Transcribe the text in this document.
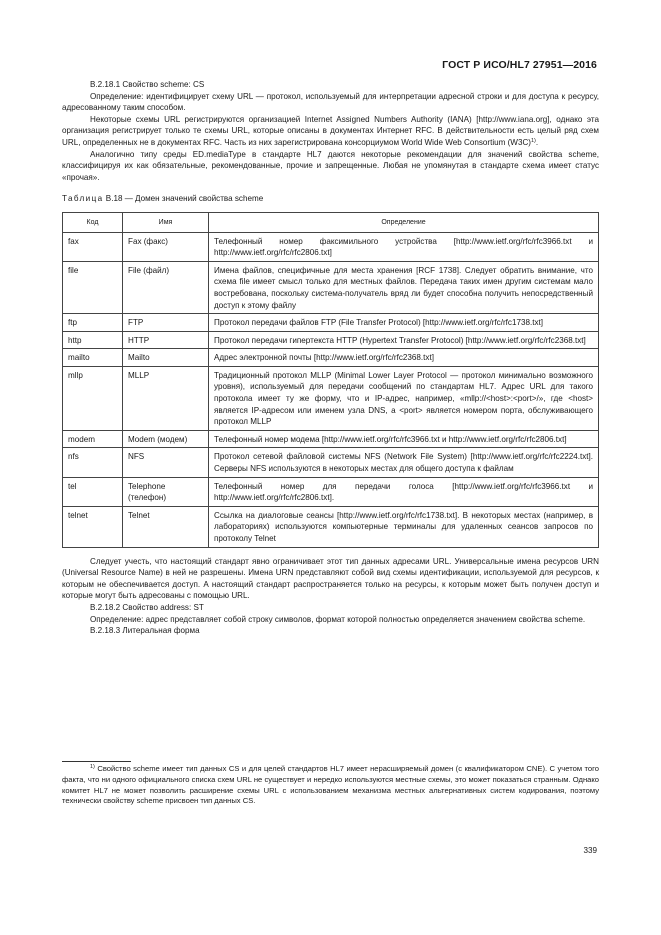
ГОСТ Р ИСО/HL7 27951—2016

B.2.18.1 Свойство scheme: CS

Определение: идентифицирует схему URL — протокол, используемый для интерпретации адресной строки и для доступа к ресурсу, адресованному таким способом.

Некоторые схемы URL регистрируются организацией Internet Assigned Numbers Authority (IANA) [http://www.iana.org], однако эта организация регистрирует только те схемы URL, которые описаны в документах Интернет RFC. В действительности есть целый ряд схем URL, определенных не в документах RFC. Часть из них зарегистрирована консорциумом World Wide Web Consortium $(W3C)^{1)}$.

Аналогично типу среды ED.mediaType в стандарте HL7 даются некоторые рекомендации для значений свойства scheme, классифицируя их как обязательные, рекомендованные, прочие и запрещенные. Любая не упомянутая в стандарте схема имеет статус «прочая».

Таблица B.18 — Домен значений свойства scheme

Код	Имя	Определение
fax	Fax (факс)	Телефонный номер факсимильного устройства [http://www.ietf.org/rfc/rfc3966.txt и http://www.ietf.org/rfc/rfc2806.txt]
file	File (файл)	Имена файлов, специфичные для места хранения [RCF 1738]. Следует обратить внимание, что схема file имеет смысл только для местных файлов. Передача таких имен другим системам мало востребована, поскольку система-получатель вряд ли будет способна получить непосредственный доступ к этому файлу
ftp	FTP	Протокол передачи файлов FTP (File Transfer Protocol) [http://www.ietf.org/rfc/rfc1738.txt]
http	HTTP	Протокол передачи гипертекста HTTP (Hypertext Transfer Protocol) [http://www.ietf.org/rfc/rfc2368.txt]
mailto	Mailto	Адрес электронной почты [http://www.ietf.org/rfc/rfc2368.txt]
mllp	MLLP	Традиционный протокол MLLP (Minimal Lower Layer Protocol — протокол минимально возможного уровня), используемый для передачи сообщений по стандартам HL7. Адрес URL для такого протокола имеет ту же форму, что и IP-адрес, например, «mllp://<host>:<port>/», где <host> является IP-адресом или именем узла DNS, а <port> является номером порта, обслуживающего протокол MLLP
modem	Modem (модем)	Телефонный номер модема [http://www.ietf.org/rfc/rfc3966.txt и http://www.ietf.org/rfc/rfc2806.txt]
nfs	NFS	Протокол сетевой файловой системы NFS (Network File System) [http://www.ietf.org/rfc/rfc2224.txt]. Серверы NFS используются в некоторых местах для общего доступа к файлам
tel	Telephone (телефон)	Телефонный номер для передачи голоса [http://www.ietf.org/rfc/rfc3966.txt и http://www.ietf.org/rfc/rfc2806.txt].
telnet	Telnet	Ссылка на диалоговые сеансы [http://www.ietf.org/rfc/rfc1738.txt]. В некоторых местах (например, в лабораториях) используются компьютерные терминалы для удаленных сеансов запросов по протоколу Telnet

Следует учесть, что настоящий стандарт явно ограничивает этот тип данных адресами URL. Универсальные имена ресурсов URN (Universal Resource Name) в ней не разрешены. Имена URN представляют собой вид схемы идентификации, используемой для ресурсов, к которым не обеспечивается доступ. А настоящий стандарт распространяется только на ресурсы, к которым может быть получен доступ и которые могут быть адресованы с помощью URL.

B.2.18.2 Свойство address: ST

Определение: адрес представляет собой строку символов, формат которой полностью определяется значением свойства scheme.

B.2.18.3 Литеральная форма

$^{1)}$ Свойство scheme имеет тип данных CS и для целей стандартов HL7 имеет нерасширяемый домен (с квалификатором CNE). С учетом того факта, что ни одного официального списка схем URL не существует и нередко используются местные схемы, это может показаться странным. Однако комитет HL7 не может позволить расширение схемы URL с использованием механизма местных альтернативных систем кодирования, поэтому технически свойству scheme присвоен тип данных CS.

339
